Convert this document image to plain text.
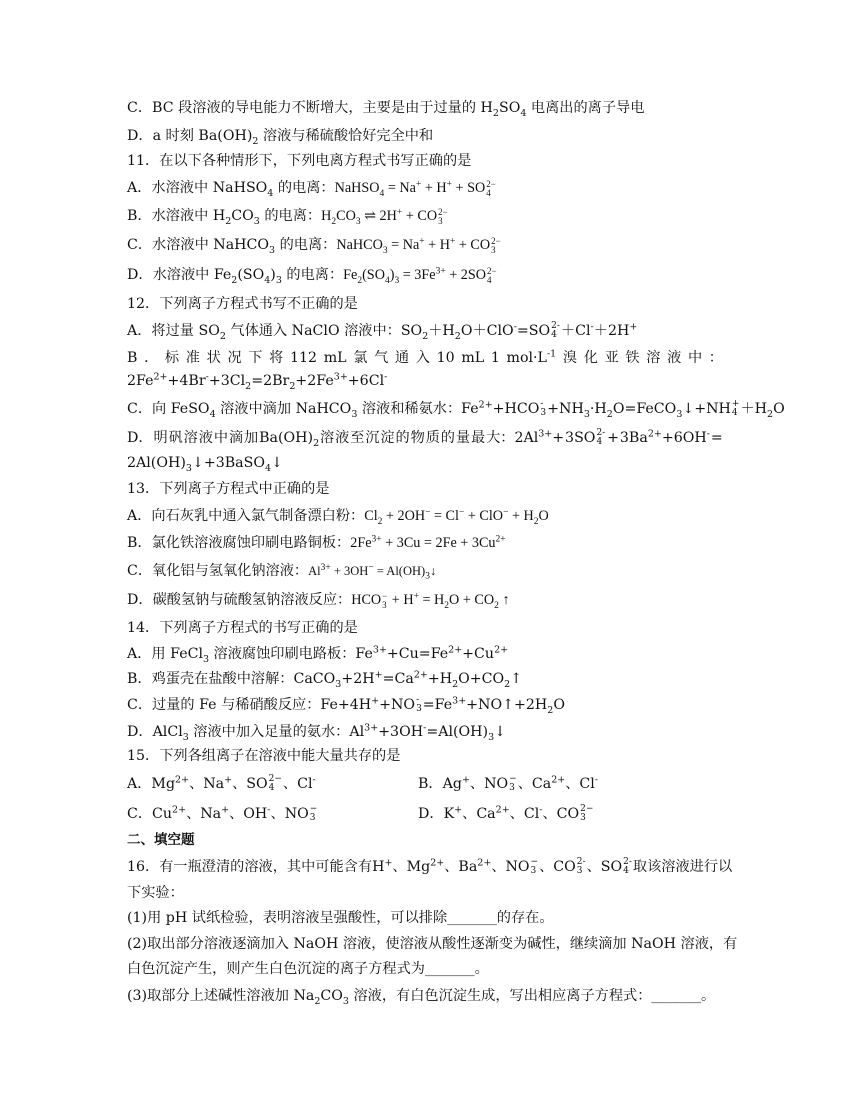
C．BC 段溶液的导电能力不断增大，主要是由于过量的 $H_2SO_4$ 电离出的离子导电
D．a 时刻 $Ba(OH)_2$ 溶液与稀硫酸恰好完全中和
11．在以下各种情形下，下列电离方程式书写正确的是
A．水溶液中 NaHSO$_4$ 的电离：NaHSO$_4$ = Na+ + H+ + SO 2−
4
B．水溶液中 $H_2CO_3$ 的电离：$H_2CO_3$ ⇌ 2H+ + CO 2−
3
C．水溶液中 NaHCO$_3$ 的电离：NaHCO$_3$ = Na+ + H+ + CO 2−
3
D．水溶液中 $Fe_2(SO_4)_3$ 的电离：$Fe_2(SO_4)_3 = 3Fe^{3+} + 2SO$ 2−
4
12．下列离子方程式书写不正确的是
A．将过量 $SO_2$ 气体通入 NaClO 溶液中：$SO_2+H_2O+ClO^-=SO$ 2-
4 ＋Cl-＋2H+
B ． 标 准 状 况 下 将 112 mL 氯 气 通 入 10 mL 1 $mol\cdot L^{-1}$ 溴 化 亚 铁 溶 液 中 ：
$2Fe^{2+}+4Br^-+3Cl_2=2Br_2+2Fe^{3+}+6Cl^-$
C．向 FeSO$_4$ 溶液中滴加 NaHCO$_3$ 溶液和稀氨水：$Fe^{2+}+HCO$ -
$3 +NH_3\cdot H_2O=FeCO_3↓+NH$ +
$4 +H_2O$
D． 明 矾 溶 液 中 滴 加 $Ba(OH)_2$ 溶 液 至 沉 淀 的 物 质 的 量 最 大：$2Al^{3+}+ 3SO$ 2-
$4 + 3Ba^{2+}+6OH^-$ =
$2Al(OH)_3↓+3BaSO_4↓$
13．下列离子方程式中正确的是
A．向石灰乳中通入氯气制备漂白粉：$Cl_2 + 2OH^- = Cl^- + ClO^- + H_2O$
B．氯化铁溶液腐蚀印刷电路铜板：$2Fe^{3+} + 3Cu = 2Fe + 3Cu^{2+}$
C．氧化铝与氢氧化钠溶液：$Al^{3+} + 3OH^-$ = $Al(OH)_3↓$
D．碳酸氢钠与硫酸氢钠溶液反应：HCO −
$3 + H^+ = H_2O + CO_2$ ↑
14．下列离子方程式的书写正确的是
A．用 FeCl$_3$ 溶液腐蚀印刷电路板：$Fe^{3+}+Cu=Fe^{2+}+Cu^{2+}$
B．鸡蛋壳在盐酸中溶解：$CaCO_3+2H^+=Ca^{2+}+H_2O+CO_2↑$
C．过量的 Fe 与稀硝酸反应：Fe+4H++NO -
$3 =Fe^{3+}+NO↑+2H_2O$
D．AlCl$_3$ 溶液中加入足量的氨水：$Al^{3+}+3OH^-=Al(OH)_3↓$
15．下列各组离子在溶液中能大量共存的是
A．$Mg^{2+}$、Na+、SO 2−
4 、Cl-	B．Ag+、NO −
3 、$Ca^{2+}$、Cl-
C．$Cu^{2+}$、Na+、OH-、NO −
3	D．K+、$Ca^{2+}$、Cl-、CO 2−
3
二、填空题
16．有一瓶澄清的溶液，其中可能含有 H+、$Mg^{2+}$、$Ba^{2+}$、NO −
3 、CO 2-
3 、SO 2-
4 取该溶液进行以
下实验：
(1)用 pH 试纸检验，表明溶液呈强酸性，可以排除_______的存在。
(2)取出部分溶液逐滴加入 NaOH 溶液，使溶液从酸性逐渐变为碱性，继续滴加 NaOH 溶液，有
白色沉淀产生，则产生白色沉淀的离子方程式为_______。
(3)取部分上述碱性溶液加 $Na_2CO_3$ 溶液，有白色沉淀生成，写出相应离子方程式：_______。
